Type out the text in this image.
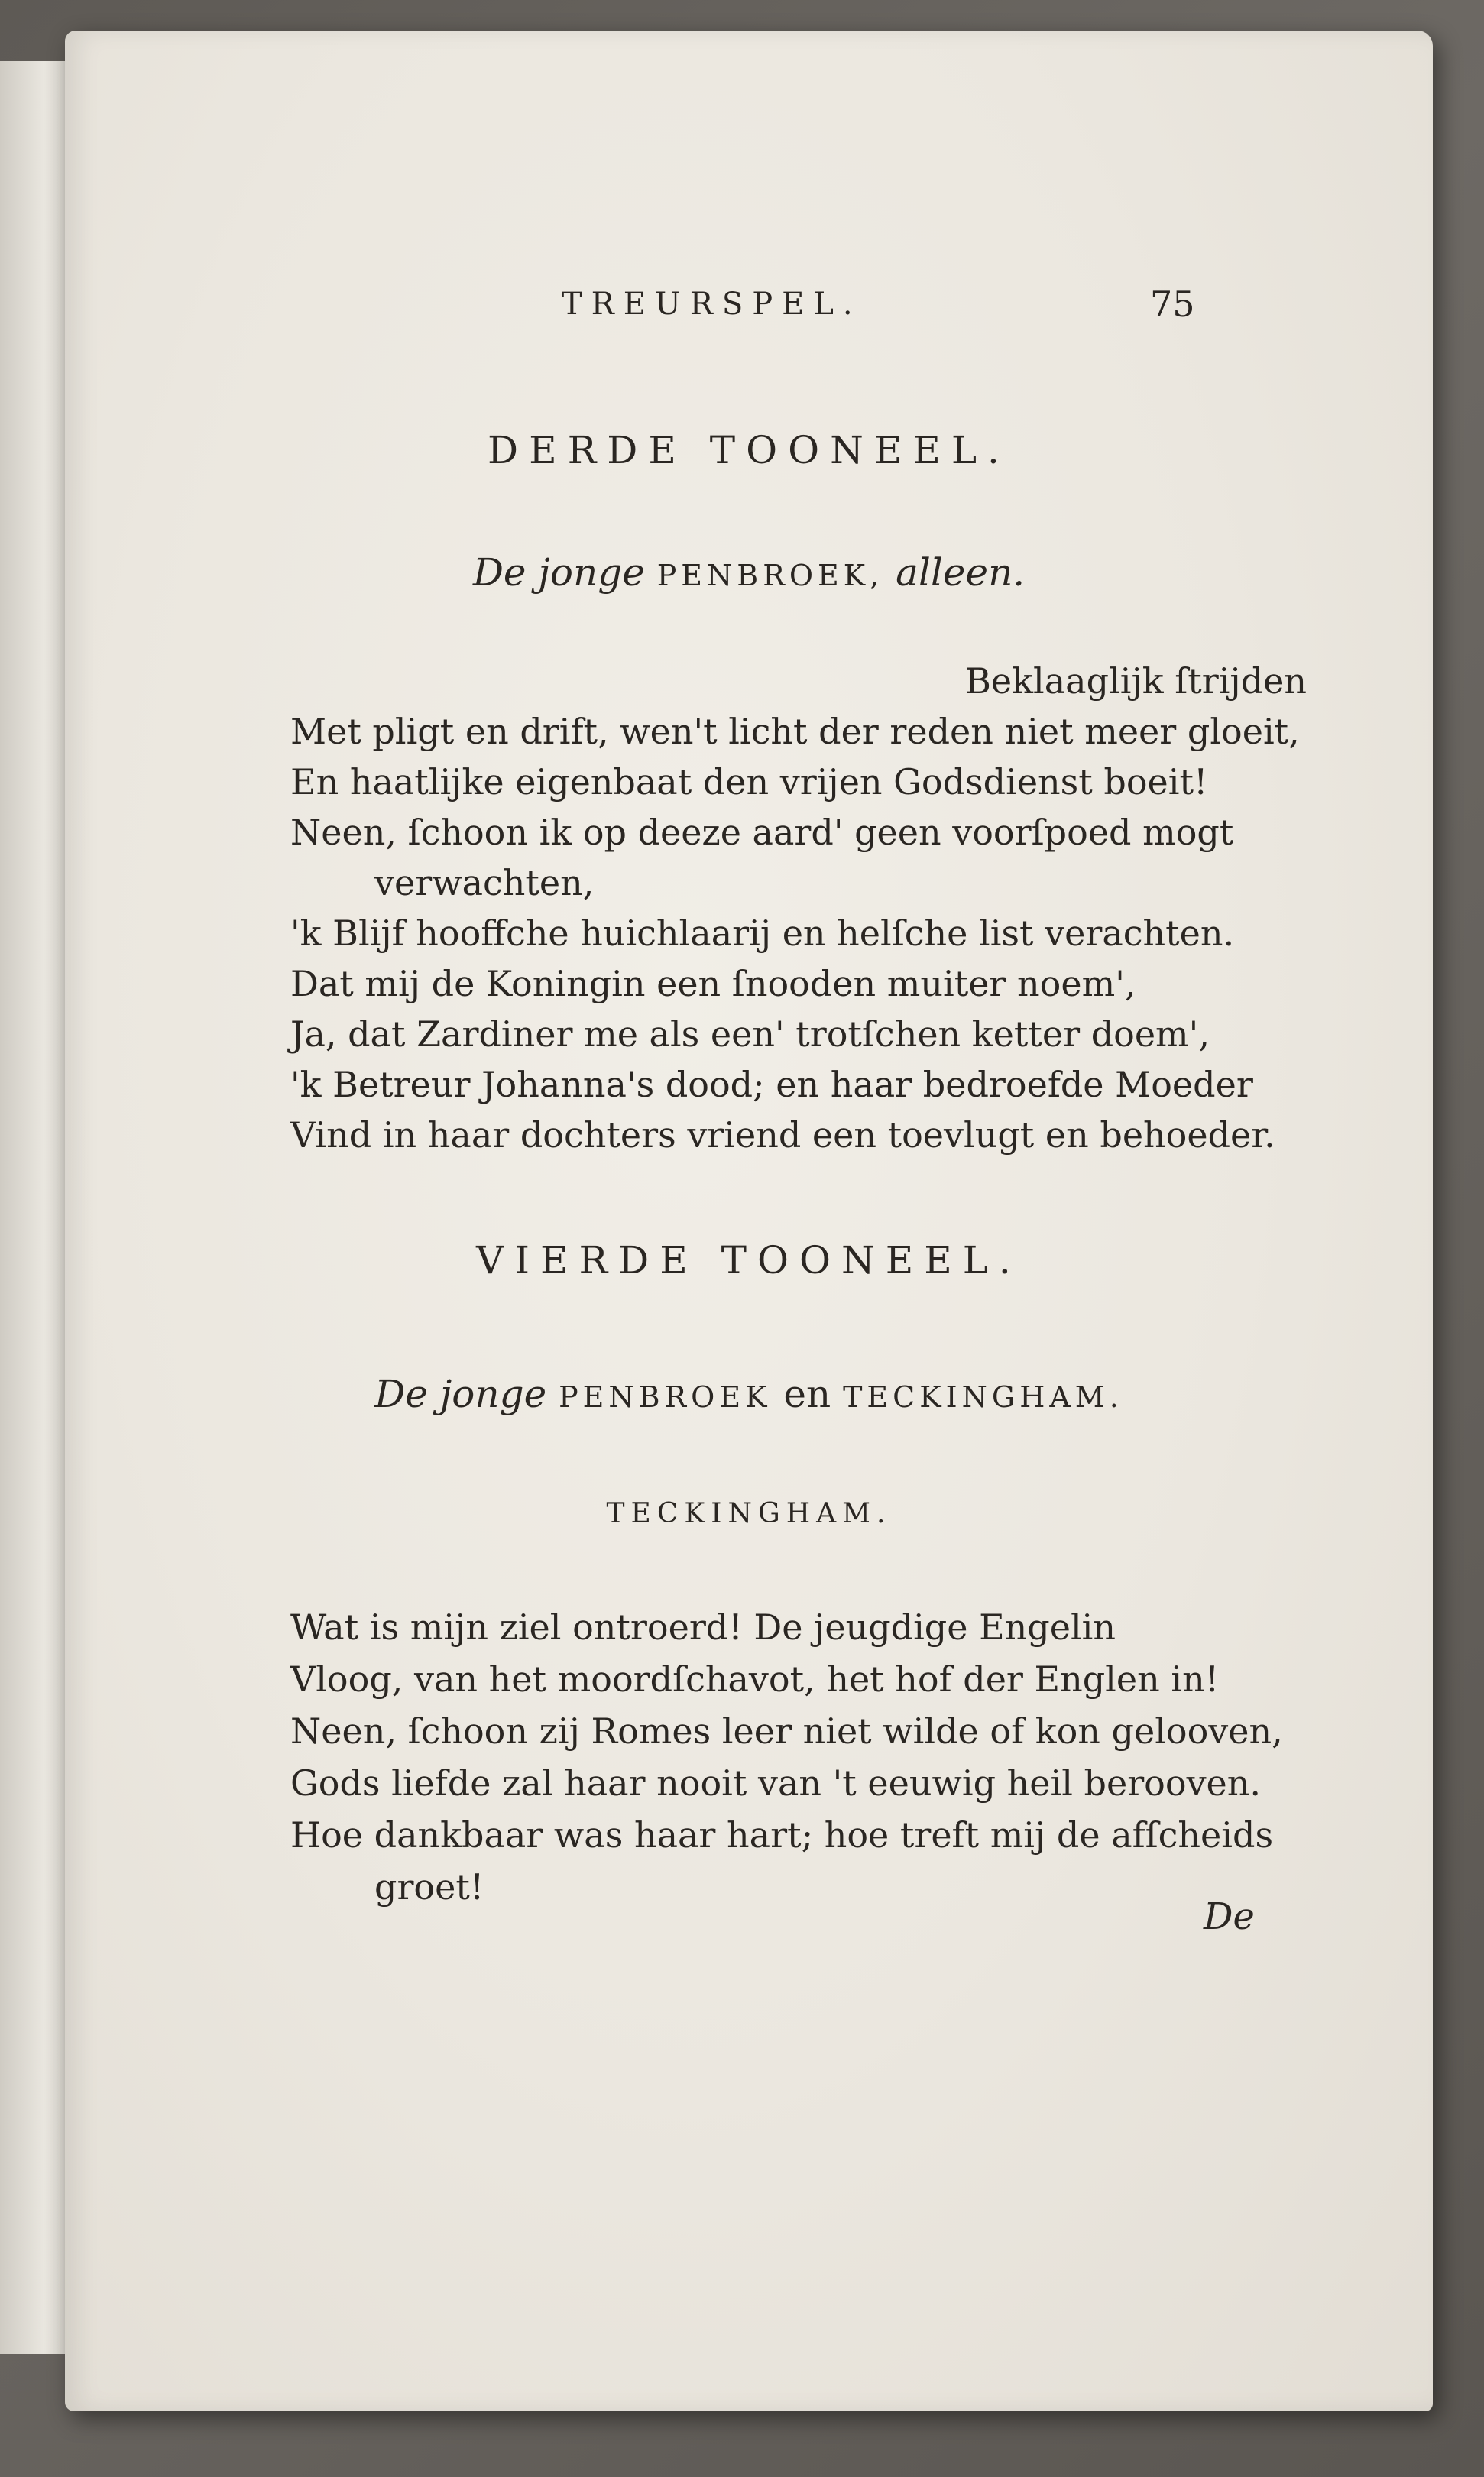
TREURSPEL.	75
DERDE TOONEEL.
De jonge PENBROEK, alleen.
Beklaaglijk ſtrijden
Met pligt en drift, wen't licht der reden niet meer gloeit,
En haatlijke eigenbaat den vrijen Godsdienst boeit!
Neen, ſchoon ik op deeze aard' geen voorſpoed mogt
verwachten,
'k Blijf hooffche huichlaarij en helſche list verachten.
Dat mij de Koningin een ſnooden muiter noem',
Ja, dat Zardiner me als een' trotſchen ketter doem',
'k Betreur Johanna's dood; en haar bedroefde Moeder
Vind in haar dochters vriend een toevlugt en behoeder.
VIERDE TOONEEL.
De jonge PENBROEK en TECKINGHAM.
TECKINGHAM.
Wat is mijn ziel ontroerd! De jeugdige Engelin
Vloog, van het moordſchavot, het hof der Englen in!
Neen, ſchoon zij Romes leer niet wilde of kon gelooven,
Gods liefde zal haar nooit van 't eeuwig heil berooven.
Hoe dankbaar was haar hart; hoe treft mij de afſcheids
groet!
De
